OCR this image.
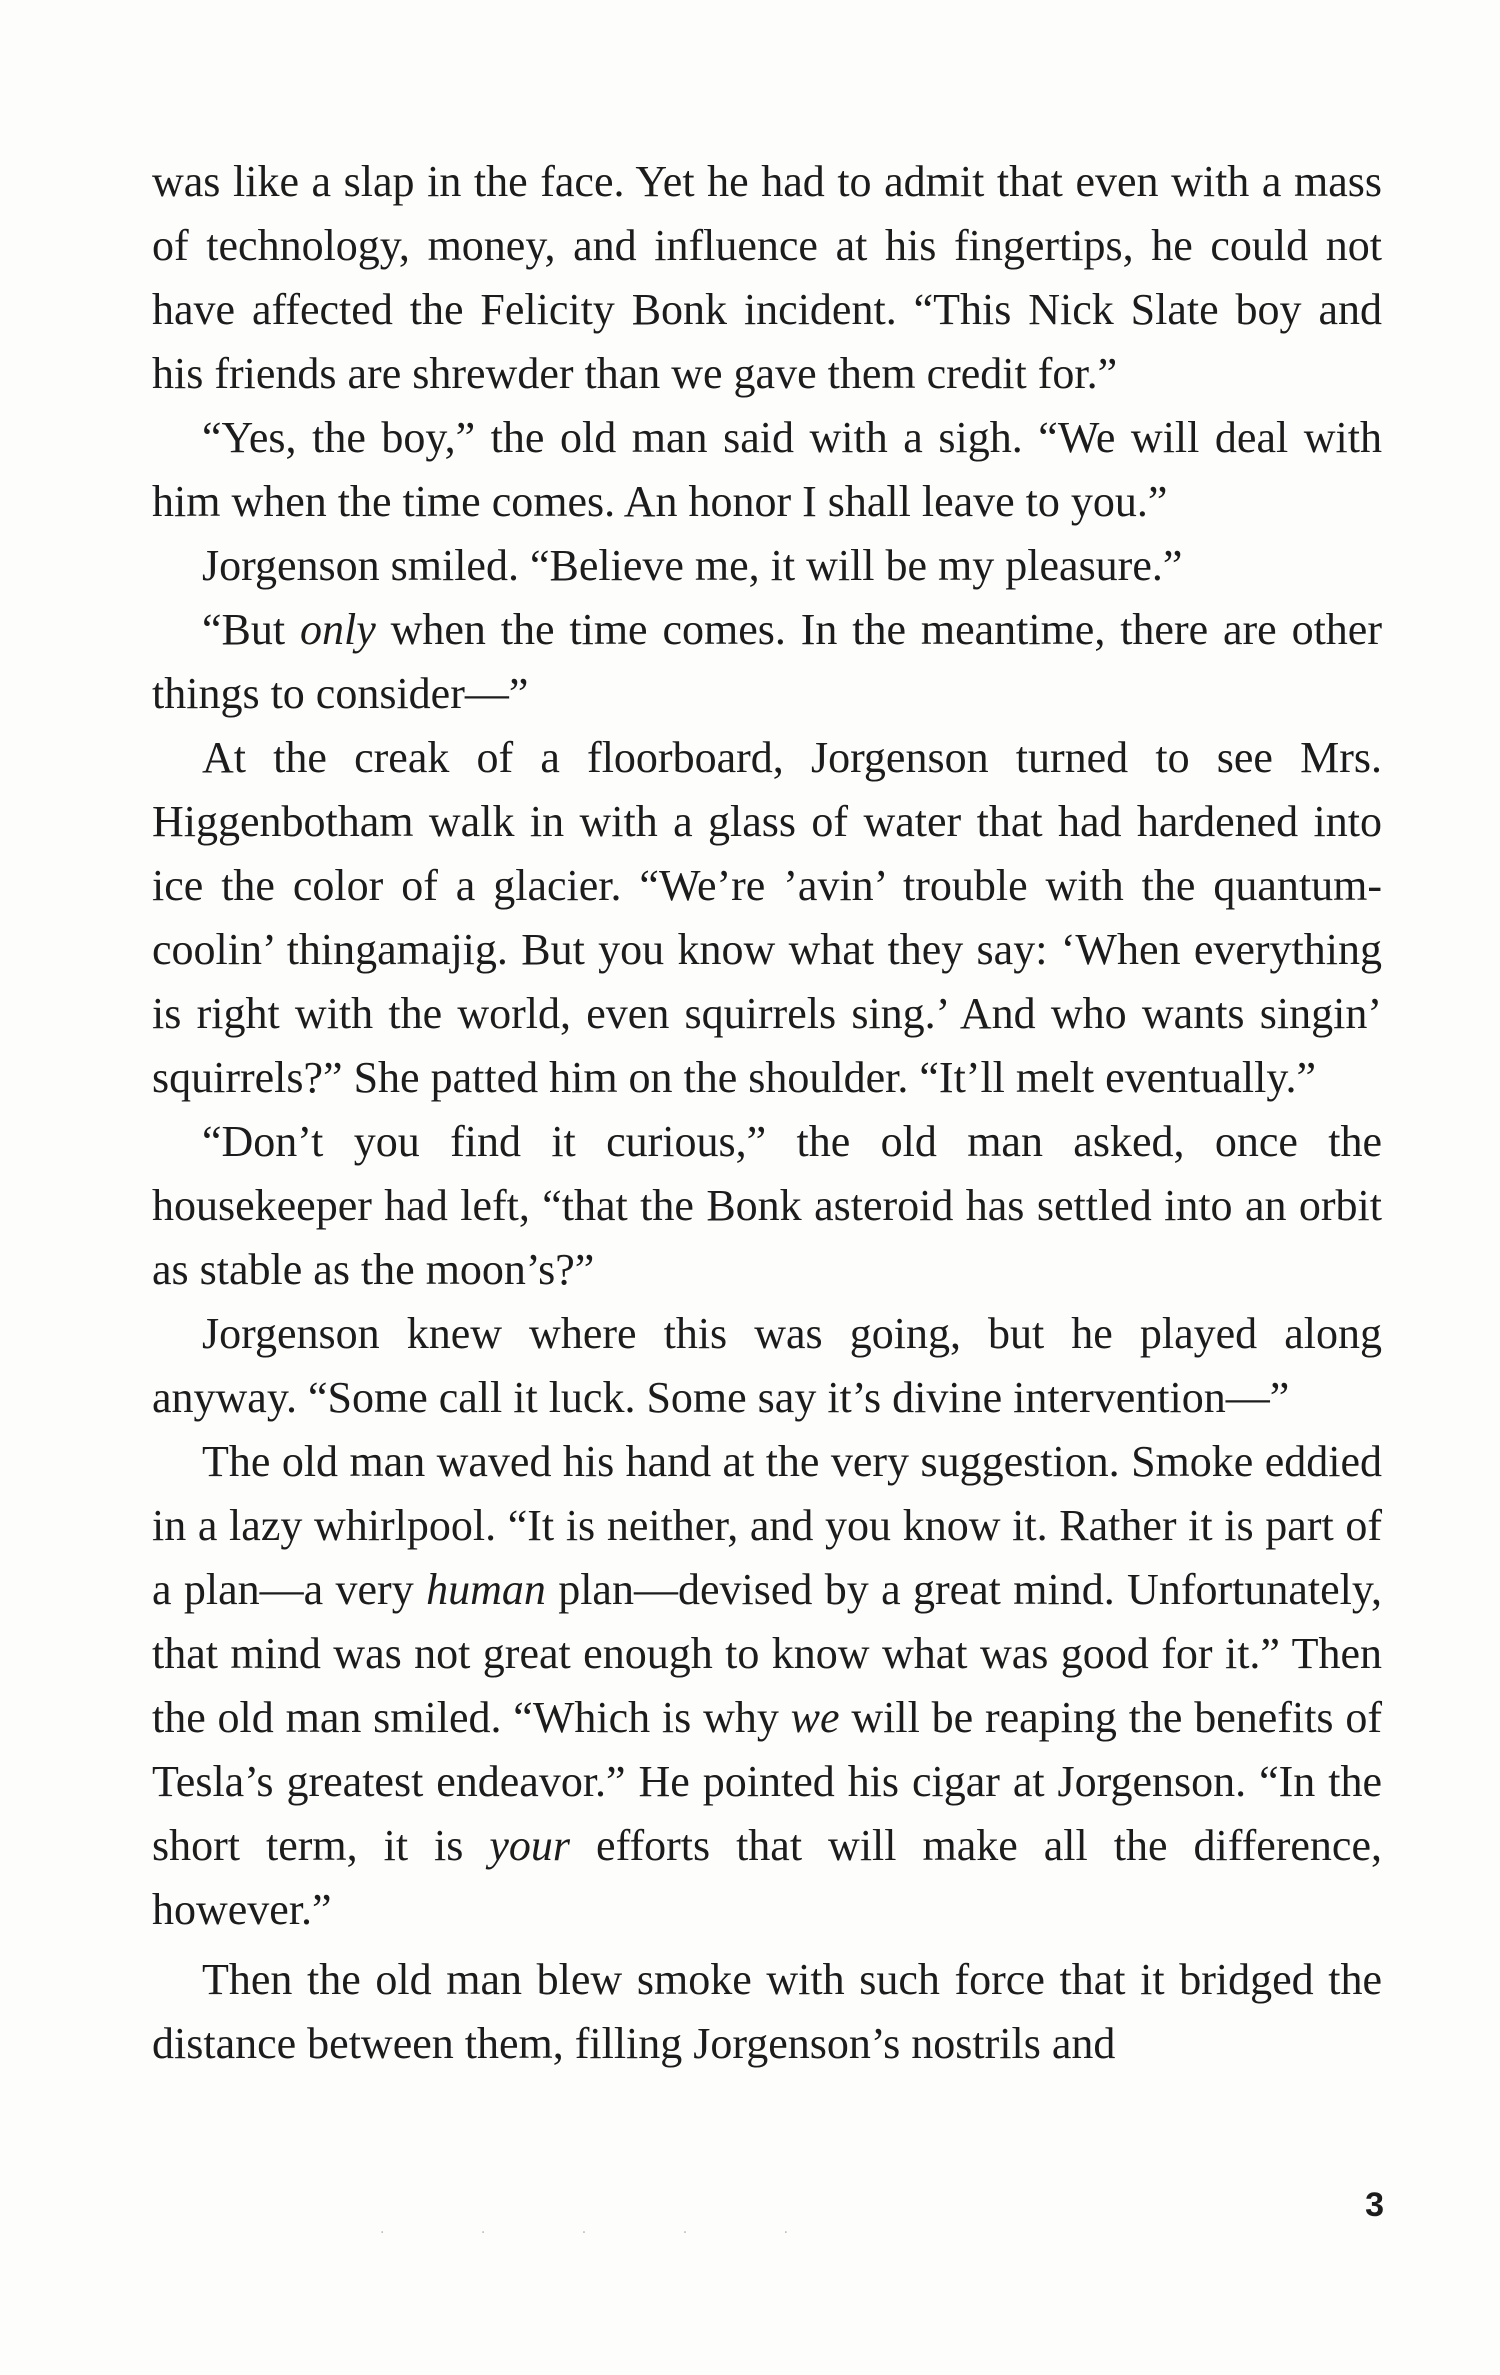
was like a slap in the face. Yet he had to admit that even with a mass of technology, money, and influence at his fingertips, he could not have affected the Felicity Bonk incident. “This Nick Slate boy and his friends are shrewder than we gave them credit for.”

“Yes, the boy,” the old man said with a sigh. “We will deal with him when the time comes. An honor I shall leave to you.”

Jorgenson smiled. “Believe me, it will be my pleasure.”

“But only when the time comes. In the meantime, there are other things to consider—”

At the creak of a floorboard, Jorgenson turned to see Mrs. Higgenbotham walk in with a glass of water that had hardened into ice the color of a glacier. “We’re ’avin’ trouble with the quantum-coolin’ thingamajig. But you know what they say: ‘When everything is right with the world, even squirrels sing.’ And who wants singin’ squirrels?” She patted him on the shoulder. “It’ll melt eventually.”

“Don’t you find it curious,” the old man asked, once the housekeeper had left, “that the Bonk asteroid has settled into an orbit as stable as the moon’s?”

Jorgenson knew where this was going, but he played along anyway. “Some call it luck. Some say it’s divine intervention—”

The old man waved his hand at the very suggestion. Smoke eddied in a lazy whirlpool. “It is neither, and you know it. Rather it is part of a plan—a very human plan—devised by a great mind. Unfortunately, that mind was not great enough to know what was good for it.” Then the old man smiled. “Which is why we will be reaping the benefits of Tesla’s greatest endeavor.” He pointed his cigar at Jorgenson. “In the short term, it is your efforts that will make all the difference, however.”

Then the old man blew smoke with such force that it bridged the distance between them, filling Jorgenson’s nostrils and

3
· · · · ·
